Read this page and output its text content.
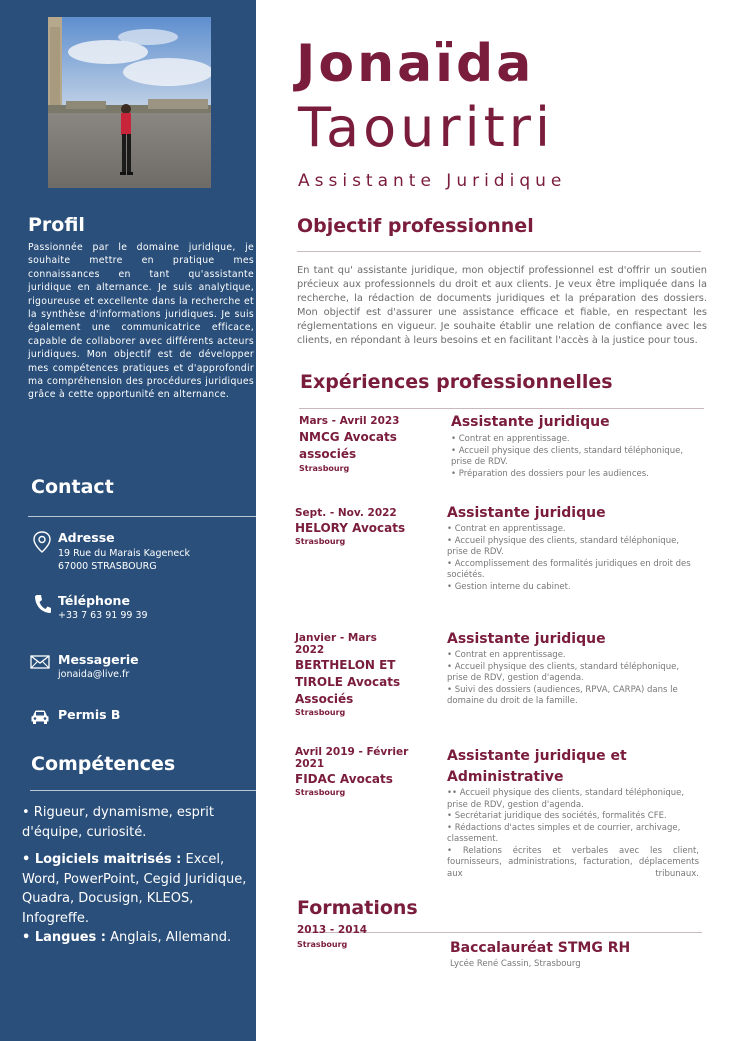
Profil
Passionnée par le domaine juridique, je souhaite mettre en pratique mes connaissances en tant qu'assistante juridique en alternance. Je suis analytique, rigoureuse et excellente dans la recherche et la synthèse d'informations juridiques. Je suis également une communicatrice efficace, capable de collaborer avec différents acteurs juridiques. Mon objectif est de développer mes compétences pratiques et d'approfondir ma compréhension des procédures juridiques grâce à cette opportunité en alternance.
Contact
Adresse
19 Rue du Marais Kageneck
67000 STRASBOURG
Téléphone
+33 7 63 91 99 39
Messagerie
jonaida@live.fr
Permis B
Compétences
• Rigueur, dynamisme, esprit d'équipe, curiosité.
• Logiciels maitrisés : Excel, Word, PowerPoint, Cegid Juridique, Quadra, Docusign, KLEOS, Infogreffe.
• Langues : Anglais, Allemand.
Jonaïda
Taouritri
Assistante Juridique
Objectif professionnel
En tant qu' assistante juridique, mon objectif professionnel est d'offrir un soutien précieux aux professionnels du droit et aux clients. Je veux être impliquée dans la recherche, la rédaction de documents juridiques et la préparation des dossiers. Mon objectif est d'assurer une assistance efficace et fiable, en respectant les réglementations en vigueur. Je souhaite établir une relation de confiance avec les clients, en répondant à leurs besoins et en facilitant l'accès à la justice pour tous.
Expériences professionnelles
Mars - Avril 2023
NMCG Avocats associés
Strasbourg
Assistante juridique
• Contrat en apprentissage.
• Accueil physique des clients, standard téléphonique, prise de RDV.
• Préparation des dossiers pour les audiences.
Sept. - Nov. 2022
HELORY Avocats
Strasbourg
Assistante juridique
• Contrat en apprentissage.
• Accueil physique des clients, standard téléphonique, prise de RDV.
• Accomplissement des formalités juridiques en droit des sociétés.
• Gestion interne du cabinet.
Janvier - Mars 2022
BERTHELON ET TIROLE Avocats Associés
Strasbourg
Assistante juridique
• Contrat en apprentissage.
• Accueil physique des clients, standard téléphonique, prise de RDV, gestion d'agenda.
• Suivi des dossiers (audiences, RPVA, CARPA) dans le domaine du droit de la famille.
Avril 2019 - Février 2021
FIDAC Avocats
Strasbourg
Assistante juridique et Administrative
•• Accueil physique des clients, standard téléphonique, prise de RDV, gestion d'agenda.
• Secrétariat juridique des sociétés, formalités CFE.
• Rédactions d'actes simples et de courrier, archivage, classement.
• Relations écrites et verbales avec les client, fournisseurs, administrations, facturation, déplacements aux tribunaux.
Formations
2013 - 2014
Strasbourg	Baccalauréat STMG RH
Lycée René Cassin, Strasbourg
